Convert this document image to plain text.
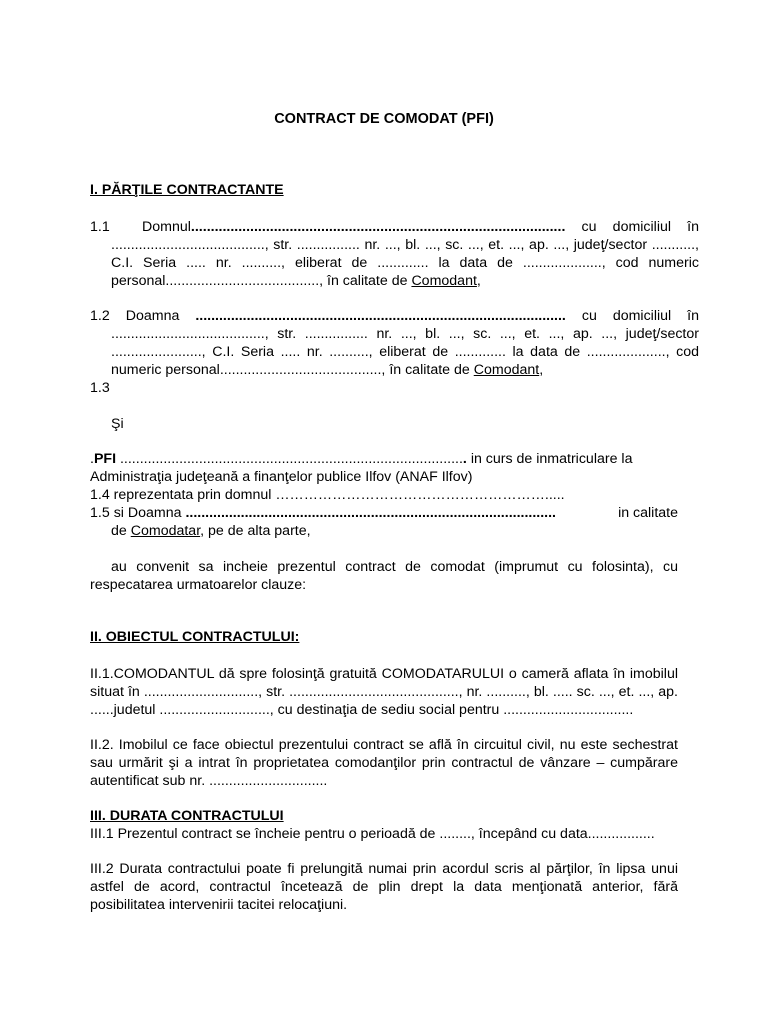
CONTRACT DE COMODAT (PFI)
I. PĂRŢILE CONTRACTANTE
1.1 Domnul............................................................................................... cu domiciliul în ......................................., str. ................ nr. ..., bl. ..., sc. ..., et. ..., ap. ..., judeţ/sector ..........., C.I. Seria ..... nr. .........., eliberat de ............. la data de ...................., cod numeric personal......................................., în calitate de Comodant,
1.2 Doamna .............................................................................................. cu domiciliul în ......................................., str. ................ nr. ..., bl. ..., sc. ..., et. ..., ap. ..., judeţ/sector ......................., C.I. Seria ..... nr. .........., eliberat de ............. la data de ...................., cod numeric personal........................................., în calitate de Comodant,
1.3
Şi
.PFI ........................................................................................ in curs de inmatriculare la Administraţia judeţeană a finanţelor publice Ilfov (ANAF Ilfov)
1.4 reprezentata prin domnul ………………………………………………….....
1.5 si Doamna ..............................................................................................	in calitate
de Comodatar, pe de alta parte,
au convenit sa incheie prezentul contract de comodat (imprumut cu folosinta), cu respecatarea urmatoarelor clauze:
II. OBIECTUL CONTRACTULUI:
II.1.COMODANTUL dă spre folosinţă gratuită COMODATARULUI o cameră aflata în imobilul situat în ............................., str. ..........................................., nr. .........., bl. ..... sc. ..., et. ..., ap. ......judetul ............................, cu destinaţia de sediu social pentru .................................
II.2. Imobilul ce face obiectul prezentului contract se află în circuitul civil, nu este sechestrat sau urmărit şi a intrat în proprietatea comodanţilor prin contractul de vânzare – cumpărare autentificat sub nr. ..............................
III. DURATA CONTRACTULUI
III.1 Prezentul contract se încheie pentru o perioadă de ........, începând cu data.................
III.2 Durata contractului poate fi prelungită numai prin acordul scris al părţilor, în lipsa unui astfel de acord, contractul încetează de plin drept la data menţionată anterior, fără posibilitatea intervenirii tacitei relocaţiuni.
